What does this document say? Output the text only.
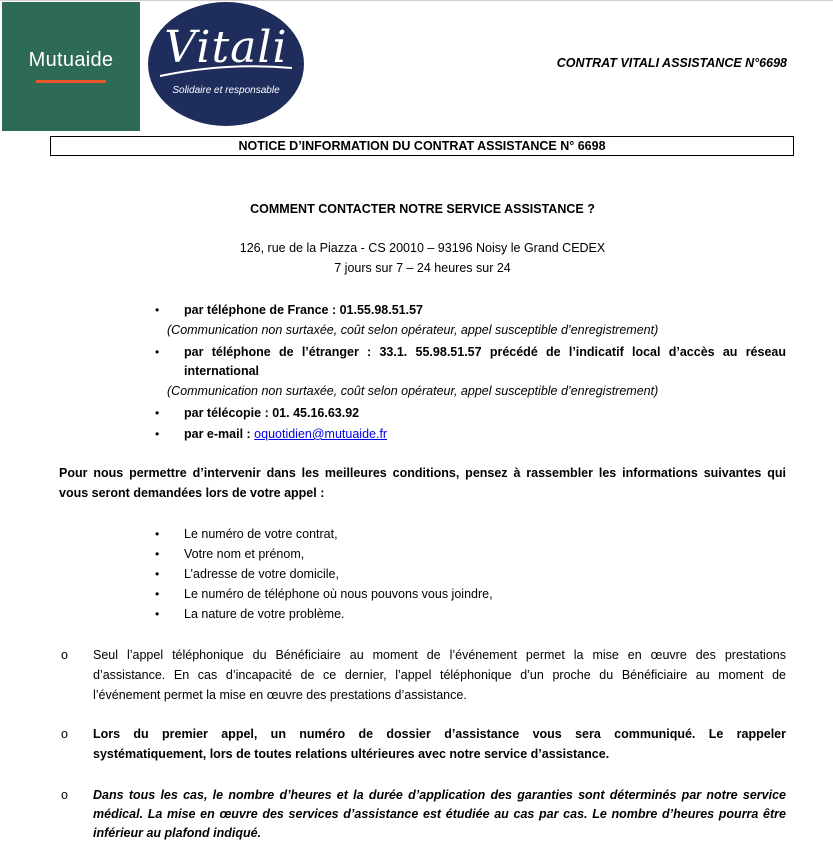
Mutuaide	Vitali
Solidaire et responsable
CONTRAT VITALI ASSISTANCE N°6698
NOTICE D’INFORMATION DU CONTRAT ASSISTANCE N° 6698
COMMENT CONTACTER NOTRE SERVICE ASSISTANCE ?
126, rue de la Piazza - CS 20010 – 93196 Noisy le Grand CEDEX
7 jours sur 7 – 24 heures sur 24
• par téléphone de France : 01.55.98.51.57
(Communication non surtaxée, coût selon opérateur, appel susceptible d’enregistrement)
• par téléphone de l’étranger : 33.1. 55.98.51.57 précédé de l’indicatif local d’accès au réseau
international
(Communication non surtaxée, coût selon opérateur, appel susceptible d’enregistrement)
• par télécopie : 01. 45.16.63.92
• par e-mail : oquotidien@mutuaide.fr
Pour nous permettre d’intervenir dans les meilleures conditions, pensez à rassembler les informations suivantes qui
vous seront demandées lors de votre appel :
• Le numéro de votre contrat,
• Votre nom et prénom,
• L’adresse de votre domicile,
• Le numéro de téléphone où nous pouvons vous joindre,
• La nature de votre problème.
o Seul l’appel téléphonique du Bénéficiaire au moment de l’événement permet la mise en œuvre des prestations
d’assistance. En cas d’incapacité de ce dernier, l’appel téléphonique d’un proche du Bénéficiaire au moment de
l’événement permet la mise en œuvre des prestations d’assistance.
o Lors du premier appel, un numéro de dossier d’assistance vous sera communiqué. Le rappeler
systématiquement, lors de toutes relations ultérieures avec notre service d’assistance.
o Dans tous les cas, le nombre d’heures et la durée d’application des garanties sont déterminés par notre service
médical. La mise en œuvre des services d’assistance est étudiée au cas par cas. Le nombre d’heures pourra être
inférieur au plafond indiqué.
